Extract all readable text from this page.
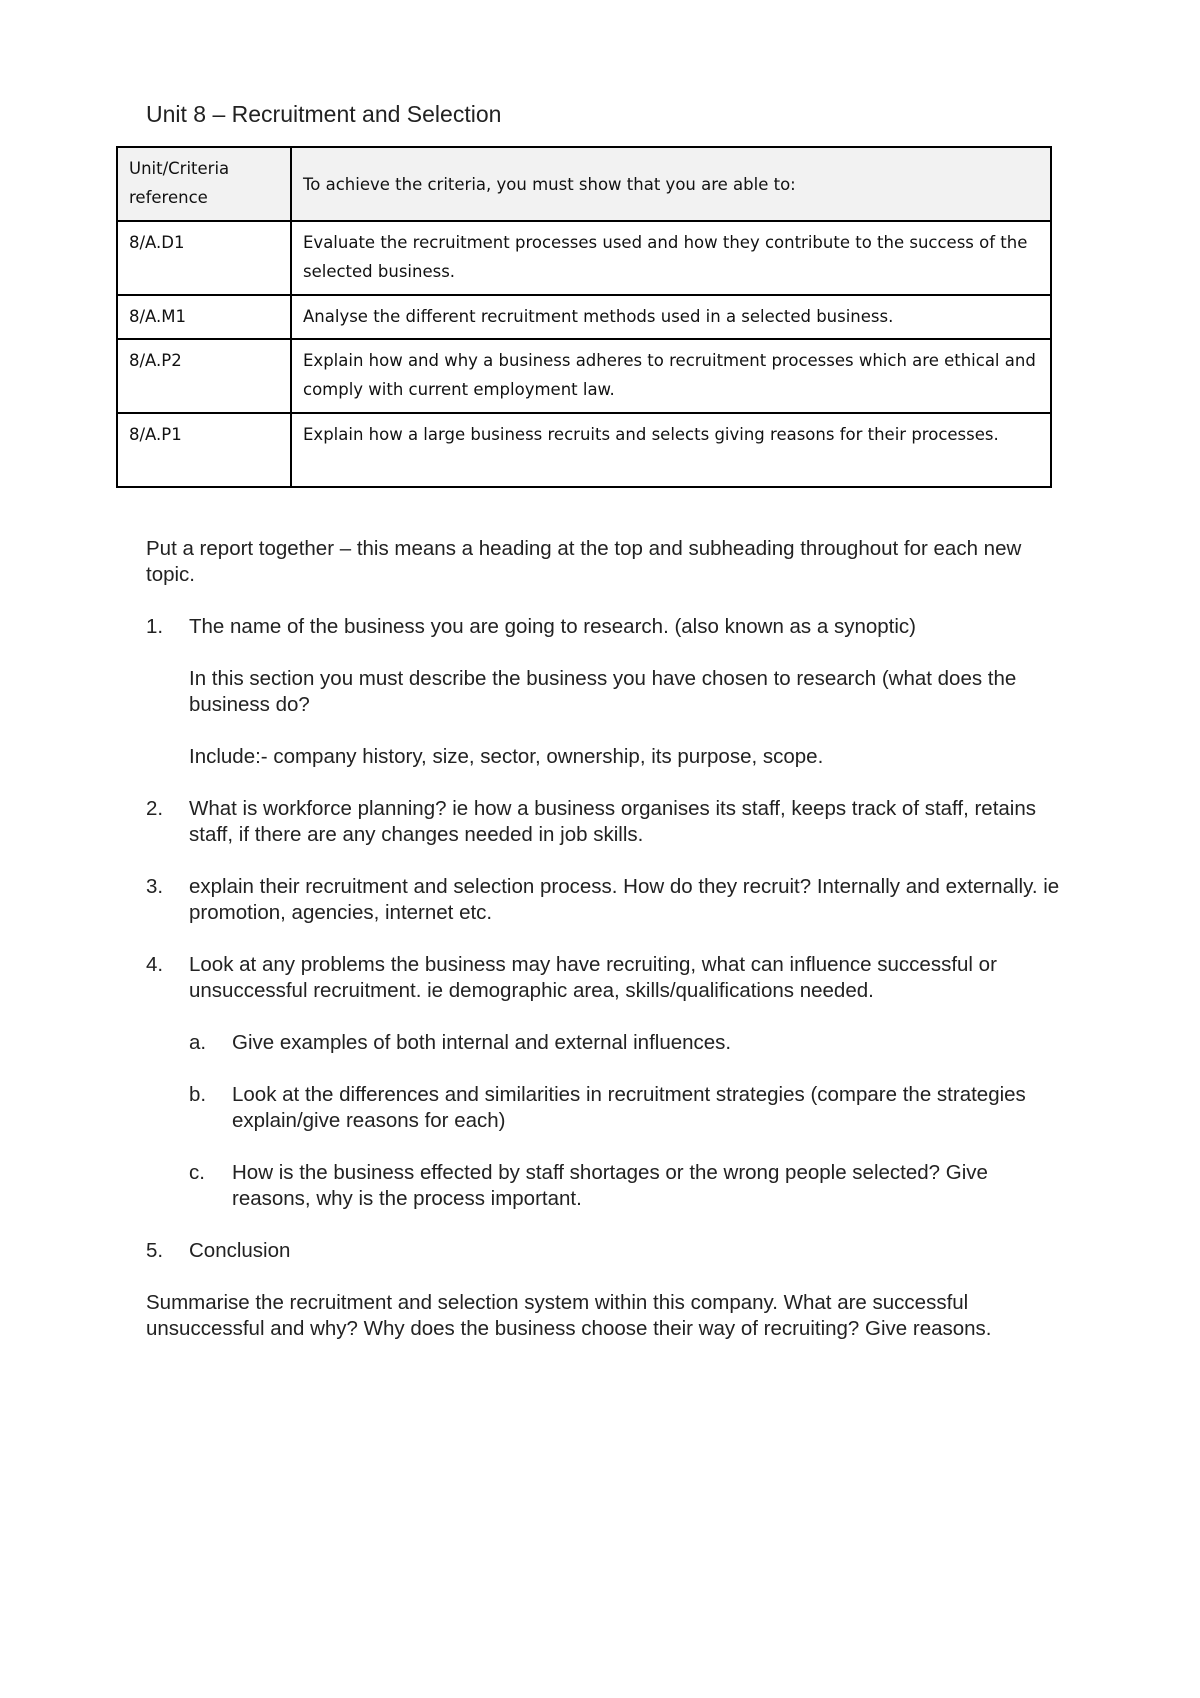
Unit 8 – Recruitment and Selection
Unit/Criteria reference	To achieve the criteria, you must show that you are able to:
8/A.D1	Evaluate the recruitment processes used and how they contribute to the success of the selected business.
8/A.M1	Analyse the different recruitment methods used in a selected business.
8/A.P2	Explain how and why a business adheres to recruitment processes which are ethical and comply with current employment law.
8/A.P1	Explain how a large business recruits and selects giving reasons for their processes.
Put a report together – this means a heading at the top and subheading throughout for each new topic.
1. The name of the business you are going to research. (also known as a synoptic)
In this section you must describe the business you have chosen to research (what does the business do?
Include:- company history, size, sector, ownership, its purpose, scope.
2. What is workforce planning? ie how a business organises its staff, keeps track of staff, retains staff, if there are any changes needed in job skills.
3. explain their recruitment and selection process. How do they recruit? Internally and externally. ie promotion, agencies, internet etc.
4. Look at any problems the business may have recruiting, what can influence successful or unsuccessful recruitment. ie demographic area, skills/qualifications needed.
a. Give examples of both internal and external influences.
b. Look at the differences and similarities in recruitment strategies (compare the strategies explain/give reasons for each)
c. How is the business effected by staff shortages or the wrong people selected? Give reasons, why is the process important.
5. Conclusion
Summarise the recruitment and selection system within this company. What are successful unsuccessful and why? Why does the business choose their way of recruiting? Give reasons.
